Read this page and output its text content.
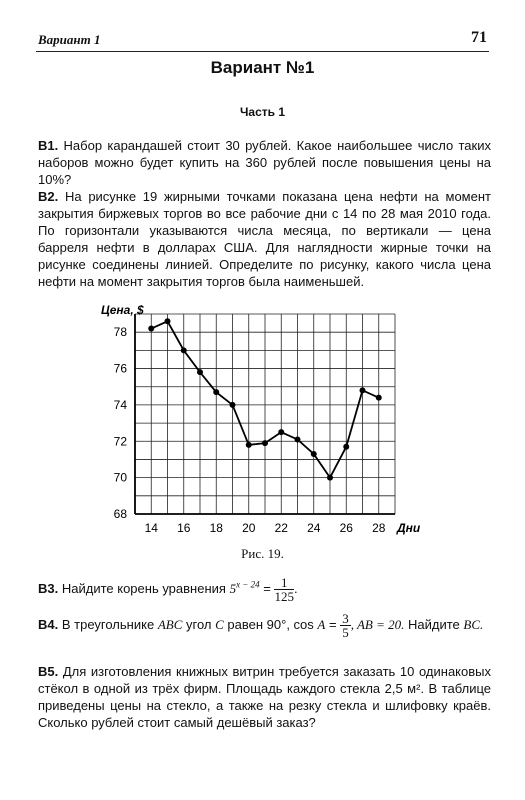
Вариант 1	71
Вариант №1
Часть 1
В1. Набор карандашей стоит 30 рублей. Какое наибольшее число таких наборов можно будет купить на 360 рублей после повышения цены на 10%?
В2. На рисунке 19 жирными точками показана цена нефти на момент закрытия биржевых торгов во все рабочие дни с 14 по 28 мая 2010 года. По горизонтали указываются числа месяца, по вертикали — цена барреля нефти в долларах США. Для наглядности жирные точки на рисунке соединены линией. Определите по рисунку, какого числа цена нефти на момент закрытия торгов была наименьшей.
14 16 18 20 22 24 26 28
68
70
72
74
76
78
Цена, $
Дни
Рис. 19.
В3. Найдите корень уравнения $5^{x - 24} = \frac{1}{125}$ .
В4. В треугольнике ABC угол C равен 90°, $\cos A = \frac{3}{5}$ , AB = 20. Найдите BC.
В5. Для изготовления книжных витрин требуется заказать 10 одинаковых стёкол в одной из трёх фирм. Площадь каждого стекла 2,5 м². В таблице приведены цены на стекло, а также на резку стекла и шлифовку краёв. Сколько рублей стоит самый дешёвый заказ?
